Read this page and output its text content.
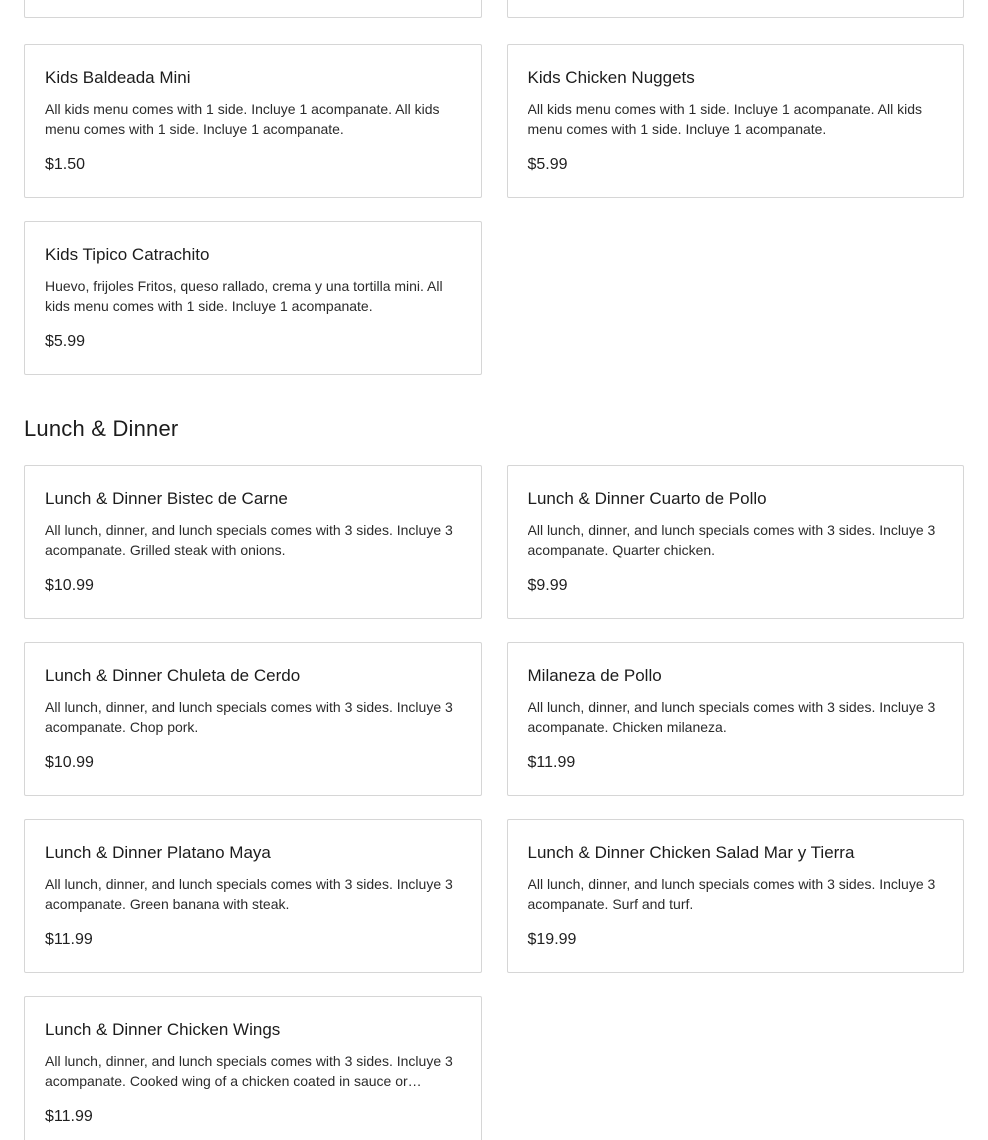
Kids Baldeada Mini

All kids menu comes with 1 side. Incluye 1 acompanate. All kids menu comes with 1 side. Incluye 1 acompanate.

$1.50
Kids Chicken Nuggets

All kids menu comes with 1 side. Incluye 1 acompanate. All kids menu comes with 1 side. Incluye 1 acompanate.

$5.99
Kids Tipico Catrachito

Huevo, frijoles Fritos, queso rallado, crema y una tortilla mini. All kids menu comes with 1 side. Incluye 1 acompanate.

$5.99
Lunch & Dinner
Lunch & Dinner Bistec de Carne

All lunch, dinner, and lunch specials comes with 3 sides. Incluye 3 acompanate. Grilled steak with onions.

$10.99
Lunch & Dinner Cuarto de Pollo

All lunch, dinner, and lunch specials comes with 3 sides. Incluye 3 acompanate. Quarter chicken.

$9.99
Lunch & Dinner Chuleta de Cerdo

All lunch, dinner, and lunch specials comes with 3 sides. Incluye 3 acompanate. Chop pork.

$10.99
Milaneza de Pollo

All lunch, dinner, and lunch specials comes with 3 sides. Incluye 3 acompanate. Chicken milaneza.

$11.99
Lunch & Dinner Platano Maya

All lunch, dinner, and lunch specials comes with 3 sides. Incluye 3 acompanate. Green banana with steak.

$11.99
Lunch & Dinner Chicken Salad Mar y Tierra

All lunch, dinner, and lunch specials comes with 3 sides. Incluye 3 acompanate. Surf and turf.

$19.99
Lunch & Dinner Chicken Wings

All lunch, dinner, and lunch specials comes with 3 sides. Incluye 3 acompanate. Cooked wing of a chicken coated in sauce or…

$11.99
